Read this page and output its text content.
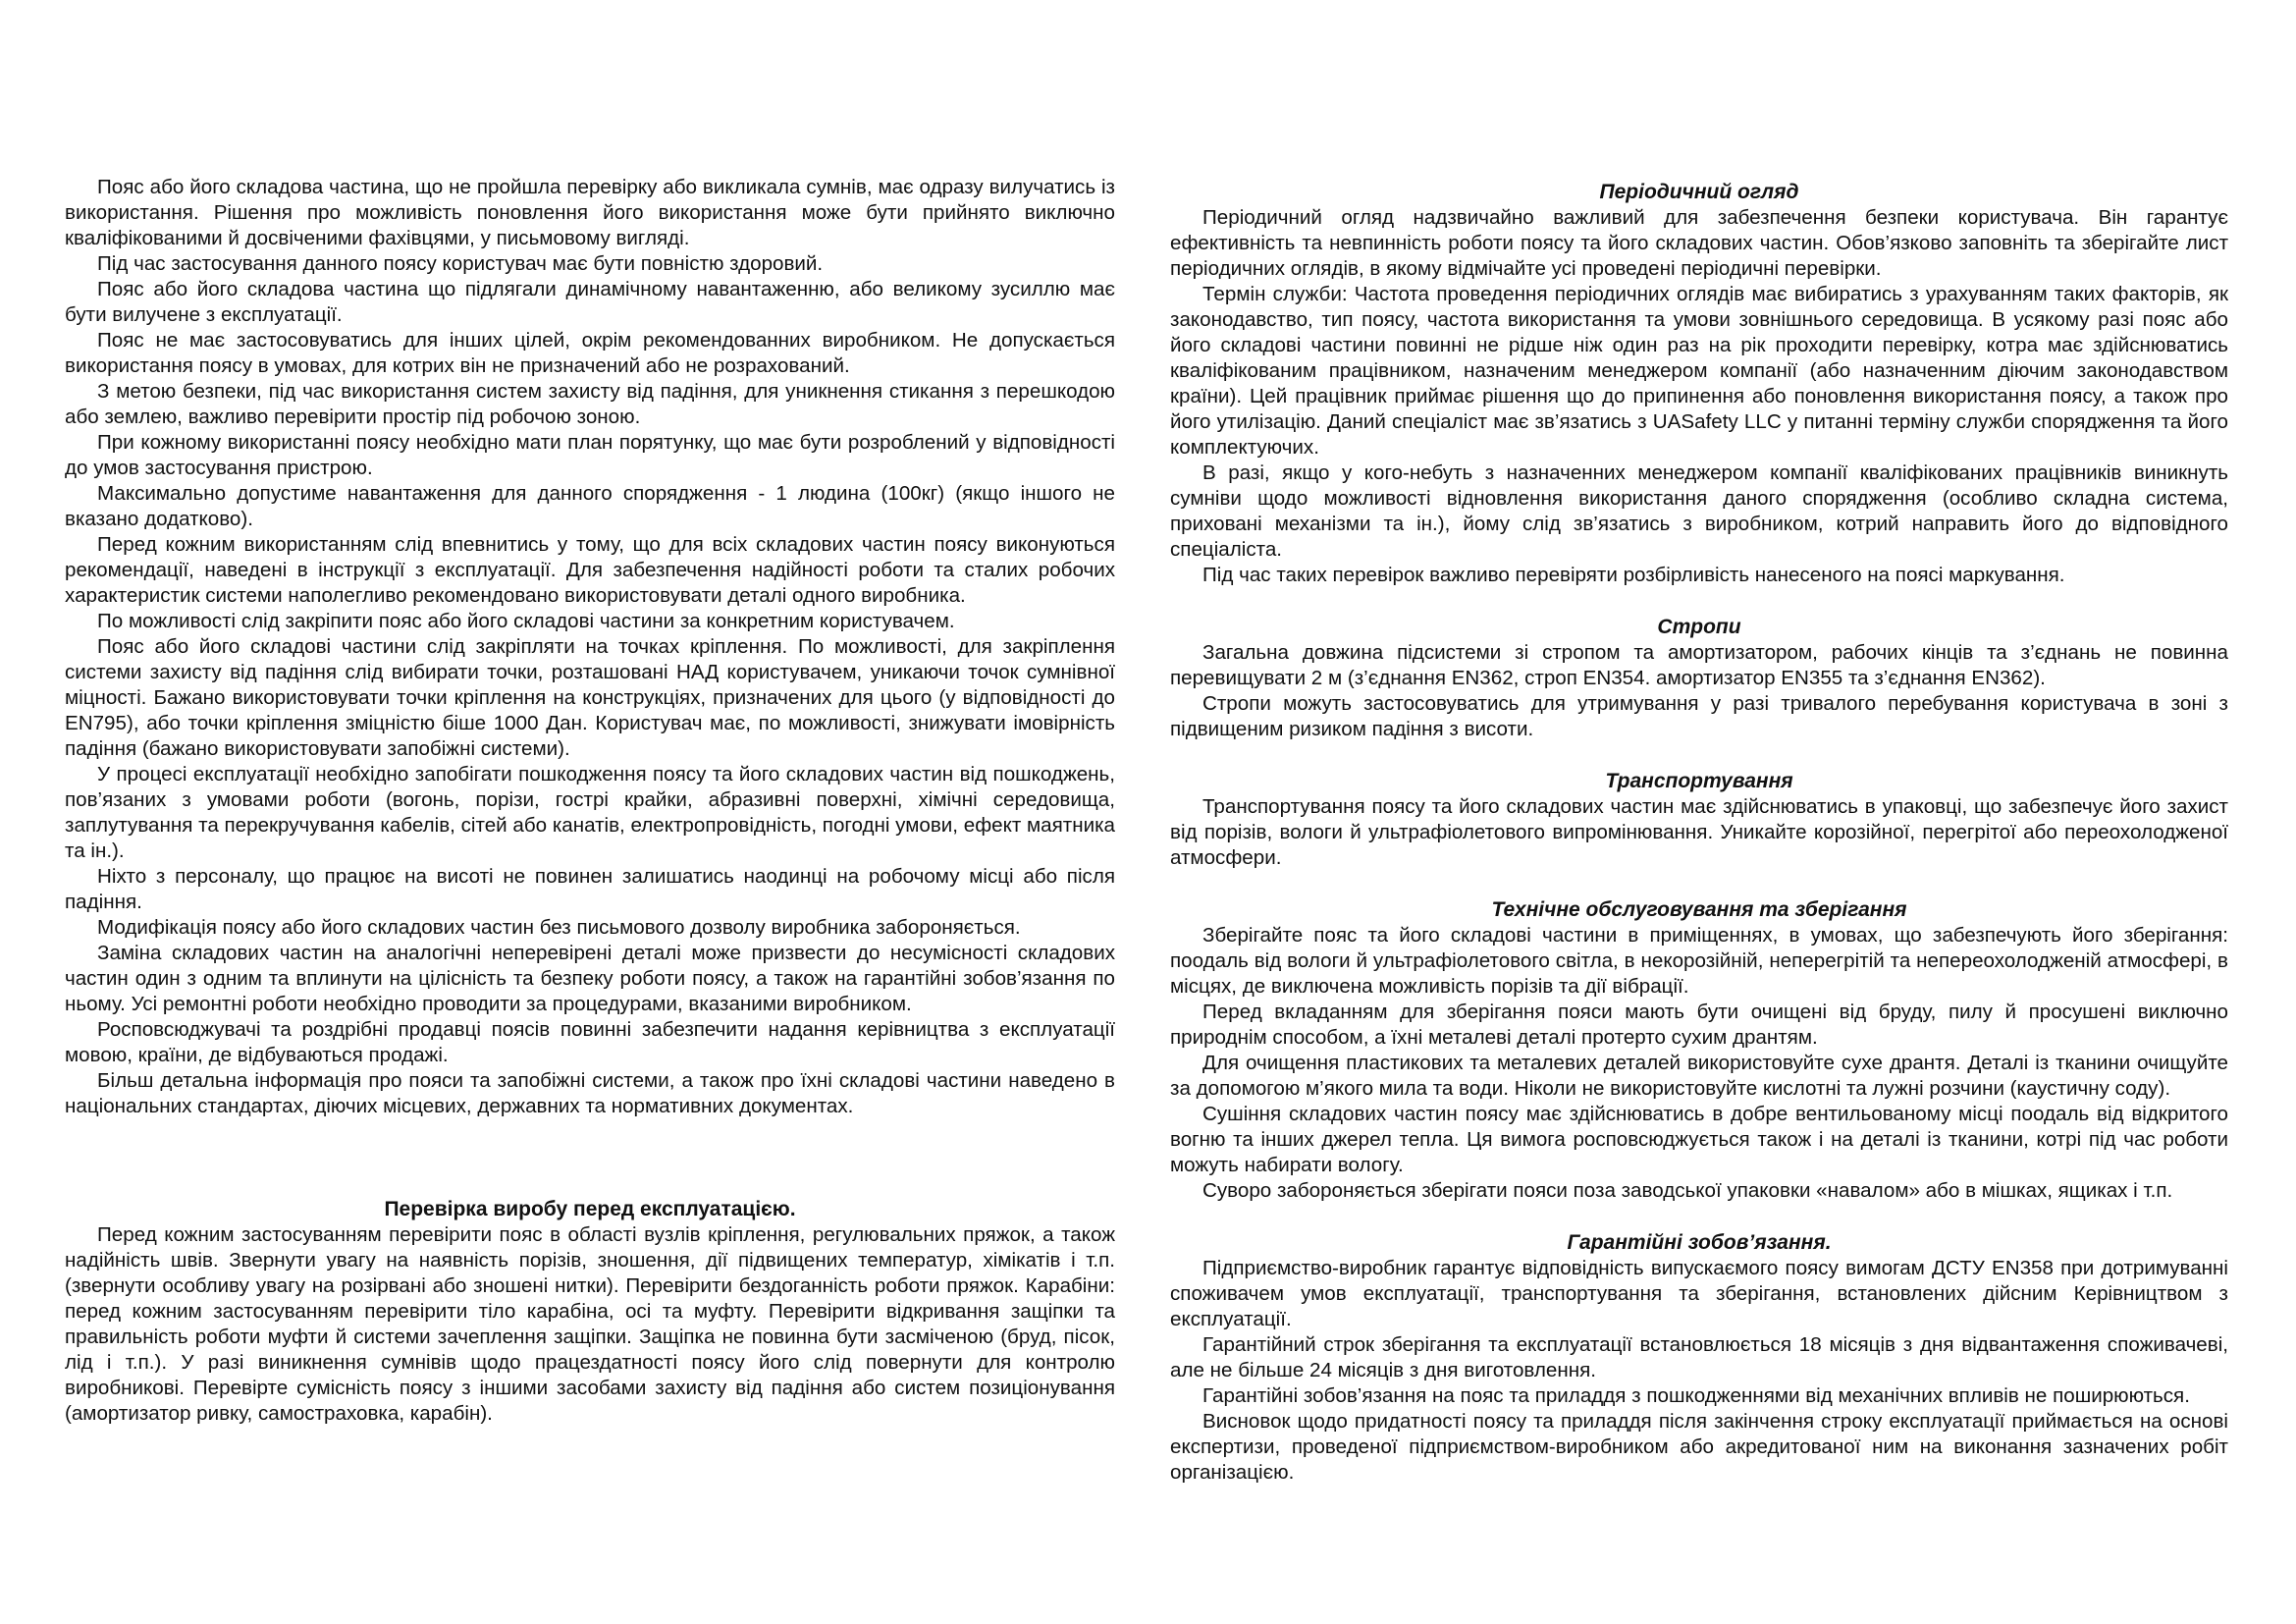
Пояс або його складова частина, що не пройшла перевірку або викликала сумнів, має одразу вилучатись із використання. Рішення про можливість поновлення його використання може бути прийнято виключно кваліфікованими й досвіченими фахівцями, у письмовому вигляді.

Під час застосування данного поясу користувач має бути повністю здоровий.

Пояс або його складова частина що підлягали динамічному навантаженню, або великому зусиллю має бути вилучене з експлуатації.

Пояс не має застосовуватись для інших цілей, окрім рекомендованних виробником. Не допускається використання поясу в умовах, для котрих він не призначений або не розрахований.

З метою безпеки, під час використання систем захисту від падіння, для уникнення стикання з перешкодою або землею, важливо перевірити простір під робочою зоною.

При кожному використанні поясу необхідно мати план порятунку, що має бути розроблений у відповідності до умов застосування пристрою.

Максимально допустиме навантаження для данного спорядження - 1 людина (100кг) (якщо іншого не вказано додатково).

Перед кожним використанням слід впевнитись у тому, що для всіх складових частин поясу виконуються рекомендації, наведені в інструкції з експлуатації. Для забезпечення надійності роботи та сталих робочих характеристик системи наполегливо рекомендовано використовувати деталі одного виробника.

По можливості слід закріпити пояс або його складові частини за конкретним користувачем.

Пояс або його складові частини слід закріпляти на точках кріплення. По можливості, для закріплення системи захисту від падіння слід вибирати точки, розташовані НАД користувачем, уникаючи точок сумнівної міцності. Бажано використовувати точки кріплення на конструкціях, призначених для цього (у відповідності до EN795), або точки кріплення зміцністю біше 1000 Дан. Користувач має, по можливості, знижувати імовірність падіння (бажано використовувати запобіжні системи).

У процесі експлуатації необхідно запобігати пошкодження поясу та його складових частин від пошкоджень, пов’язаних з умовами роботи (вогонь, порізи, гострі крайки, абразивні поверхні, хімічні середовища, заплутування та перекручування кабелів, сітей або канатів, електропровідність, погодні умови, ефект маятника та ін.).

Ніхто з персоналу, що працює на висоті не повинен залишатись наодинці на робочому місці або після падіння.

Модифікація поясу або його складових частин без письмового дозволу виробника забороняється.

Заміна складових частин на аналогічні неперевірені деталі може призвести до несумісності складових частин один з одним та вплинути на цілісність та безпеку роботи поясу, а також на гарантійні зобов’язання по ньому. Усі ремонтні роботи необхідно проводити за процедурами, вказаними виробником.

Росповсюджувачі та роздрібні продавці поясів повинні забезпечити надання керівництва з експлуатації мовою, країни, де відбуваються продажі.

Більш детальна інформація про пояси та запобіжні системи, а також про їхні складові частини наведено в національних стандартах, діючих місцевих, державних та нормативних документах.

Перевірка виробу перед експлуатацією.

Перед кожним застосуванням перевірити пояс в області вузлів кріплення, регулювальних пряжок, а також надійність швів. Звернути увагу на наявність порізів, зношення, дії підвищених температур, хімікатів і т.п. (звернути особливу увагу на розірвані або зношені нитки). Перевірити бездоганність роботи пряжок. Карабіни: перед кожним застосуванням перевірити тіло карабіна, осі та муфту. Перевірити відкривання защіпки та правильність роботи муфти й системи зачеплення защіпки. Защіпка не повинна бути засміченою (бруд, пісок, лід і т.п.). У разі виникнення сумнівів щодо працездатності поясу його слід повернути для контролю виробникові. Перевірте сумісність поясу з іншими засобами захисту від падіння або систем позиціонування (амортизатор ривку, самостраховка, карабін).

Періодичний огляд

Періодичний огляд надзвичайно важливий для забезпечення безпеки користувача. Він гарантує ефективність та невпинність роботи поясу та його складових частин. Обов’язково заповніть та зберігайте лист періодичних оглядів, в якому відмічайте усі проведені періодичні перевірки.

Термін служби: Частота проведення періодичних оглядів має вибиратись з урахуванням таких факторів, як законодавство, тип поясу, частота використання та умови зовнішнього середовища. В усякому разі пояс або його складові частини повинні не рідше ніж один раз на рік проходити перевірку, котра має здійснюватись кваліфікованим працівником, назначеним менеджером компанії (або назначенним діючим законодавством країни). Цей працівник приймає рішення що до припинення або поновлення використання поясу, а також про його утилізацію. Даний спеціаліст має зв’язатись з UASafety LLC у питанні терміну служби спорядження та його комплектуючих.

В разі, якщо у кого-небуть з назначенних менеджером компанії кваліфікованих працівників виникнуть сумніви щодо можливості відновлення використання даного спорядження (особливо складна система, приховані механізми та ін.), йому слід зв’язатись з виробником, котрий направить його до відповідного спеціаліста.

Під час таких перевірок важливо перевіряти розбірливість нанесеного на поясі маркування.

Стропи

Загальна довжина підсистеми зі стропом та амортизатором, рабочих кінців та з’єднань не повинна перевищувати 2 м (з’єднання EN362, строп EN354. амортизатор EN355 та з’єднання EN362).

Стропи можуть застосовуватись для утримування у разі тривалого перебування користувача в зоні з підвищеним ризиком падіння з висоти.

Транспортування

Транспортування поясу та його складових частин має здійснюватись в упаковці, що забезпечує його захист від порізів, вологи й ультрафіолетового випромінювання. Уникайте корозійної, перегрітої або переохолодженої атмосфери.

Технічне обслуговування та зберігання

Зберігайте пояс та його складові частини в приміщеннях, в умовах, що забезпечують його зберігання: поодаль від вологи й ультрафіолетового світла, в некорозійній, неперегрітій та непереохолодженій атмосфері, в місцях, де виключена можливість порізів та дії вібрації.

Перед вкладанням для зберігання пояси мають бути очищені від бруду, пилу й просушені виключно природнім способом, а їхні металеві деталі протерто сухим дрантям.

Для очищення пластикових та металевих деталей використовуйте сухе дрантя. Деталі із тканини очищуйте за допомогою м’якого мила та води. Ніколи не використовуйте кислотні та лужні розчини (каустичну соду).

Сушіння складових частин поясу має здійснюватись в добре вентильованому місці поодаль від відкритого вогню та інших джерел тепла. Ця вимога росповсюджується також і на деталі із тканини, котрі під час роботи можуть набирати вологу.

Суворо забороняється зберігати пояси поза заводської упаковки «навалом» або в мішках, ящиках і т.п.

Гарантійні зобов’язання.

Підприємство-виробник гарантує відповідність випускаємого поясу вимогам ДСТУ EN358 при дотримуванні споживачем умов експлуатації, транспортування та зберігання, встановлених дійсним Керівництвом з експлуатації.

Гарантійний строк зберігання та експлуатації встановлюється 18 місяців з дня відвантаження споживачеві, але не більше 24 місяців з дня виготовлення.

Гарантійні зобов’язання на пояс та приладдя з пошкодженнями від механічних впливів не поширюються.

Висновок щодо придатності поясу та приладдя після закінчення строку експлуатації приймається на основі експертизи, проведеної підприємством-виробником або акредитованої ним на виконання зазначених робіт організацією.
